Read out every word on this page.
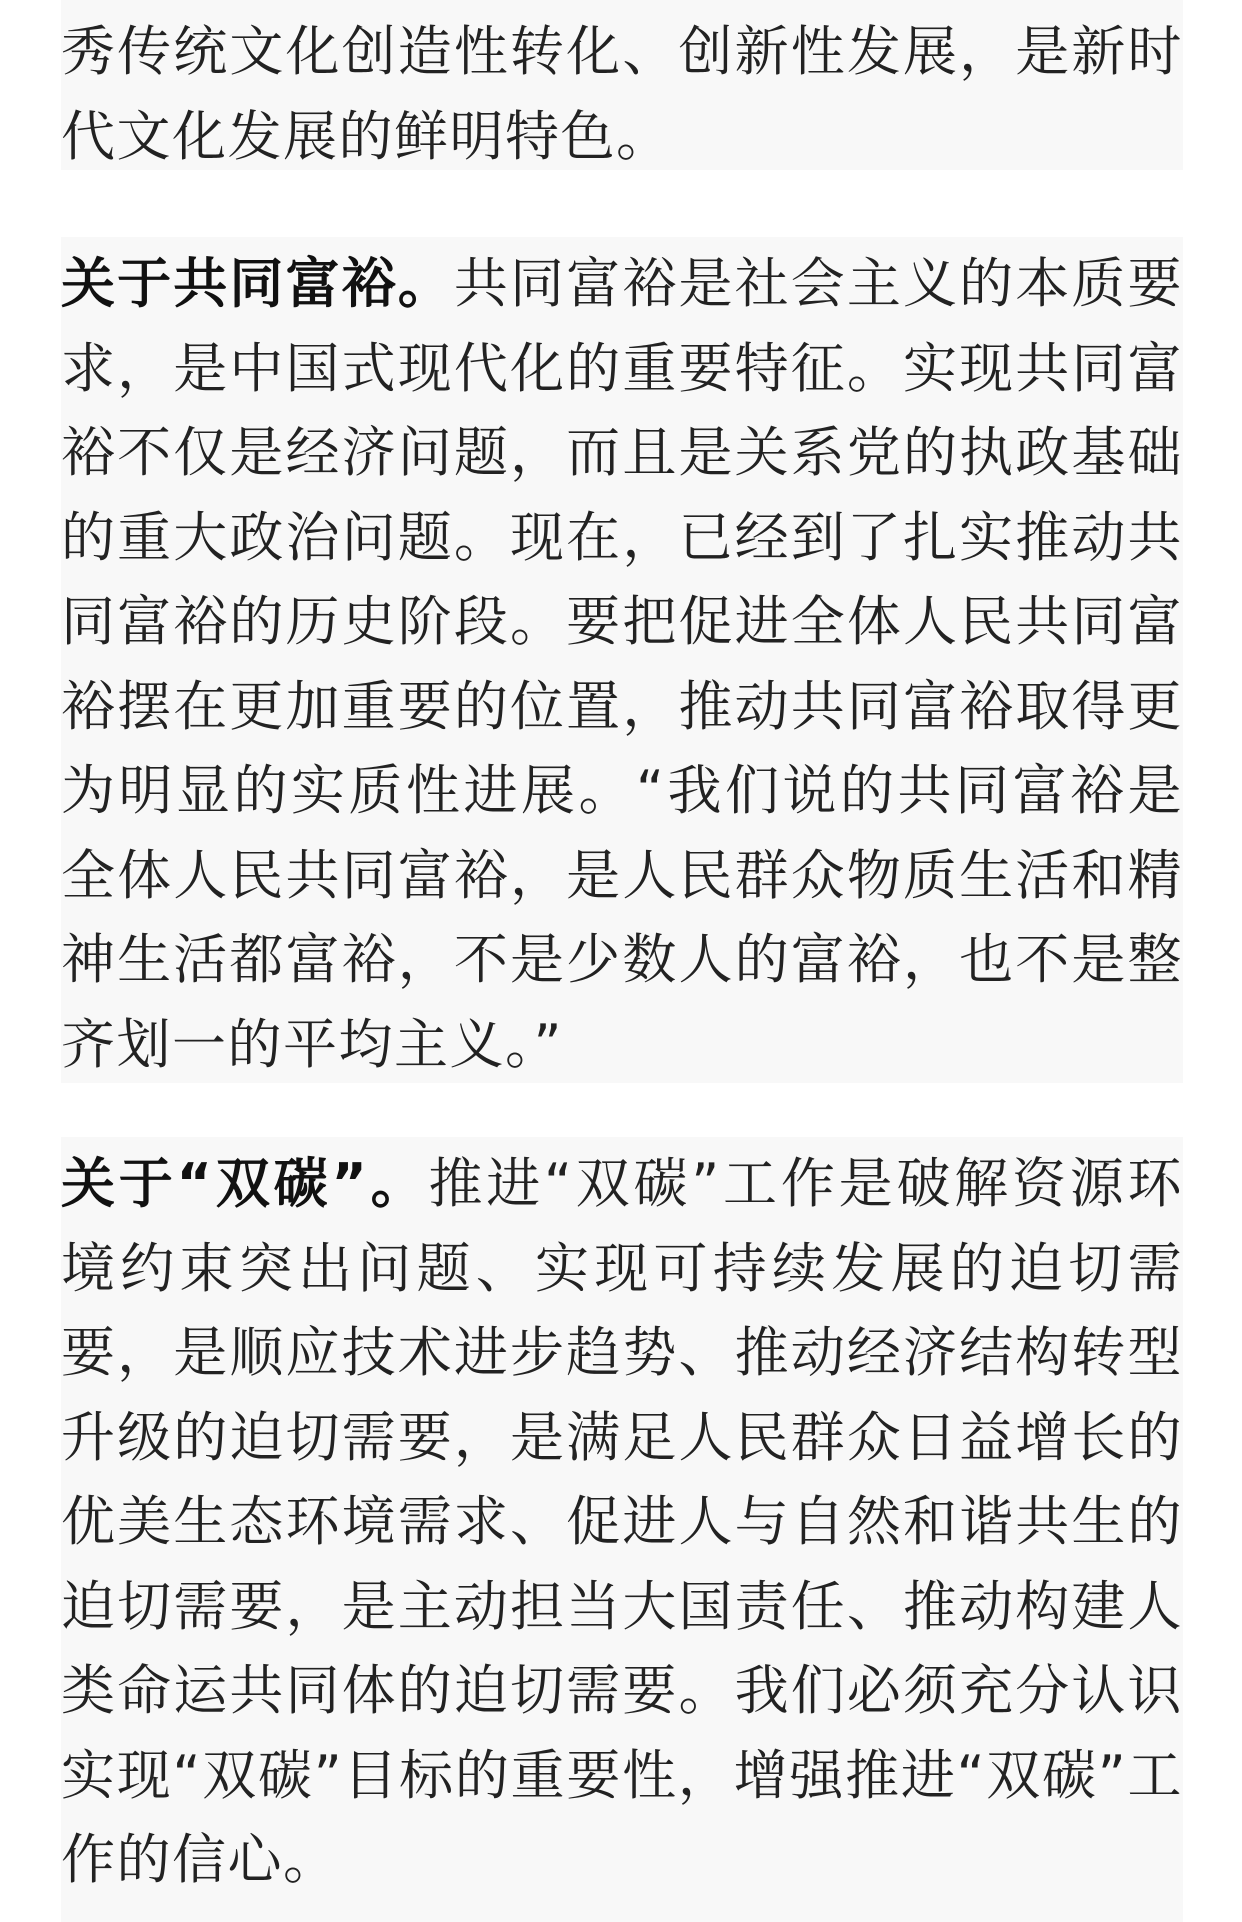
秀传统文化创造性转化、创新性发展，是新时代文化发展的鲜明特色。

关于共同富裕。共同富裕是社会主义的本质要求，是中国式现代化的重要特征。实现共同富裕不仅是经济问题，而且是关系党的执政基础的重大政治问题。现在，已经到了扎实推动共同富裕的历史阶段。要把促进全体人民共同富裕摆在更加重要的位置，推动共同富裕取得更为明显的实质性进展。“我们说的共同富裕是全体人民共同富裕，是人民群众物质生活和精神生活都富裕，不是少数人的富裕，也不是整齐划一的平均主义。”

关于“双碳”。推进“双碳”工作是破解资源环境约束突出问题、实现可持续发展的迫切需要，是顺应技术进步趋势、推动经济结构转型升级的迫切需要，是满足人民群众日益增长的优美生态环境需求、促进人与自然和谐共生的迫切需要，是主动担当大国责任、推动构建人类命运共同体的迫切需要。我们必须充分认识实现“双碳”目标的重要性，增强推进“双碳”工作的信心。
